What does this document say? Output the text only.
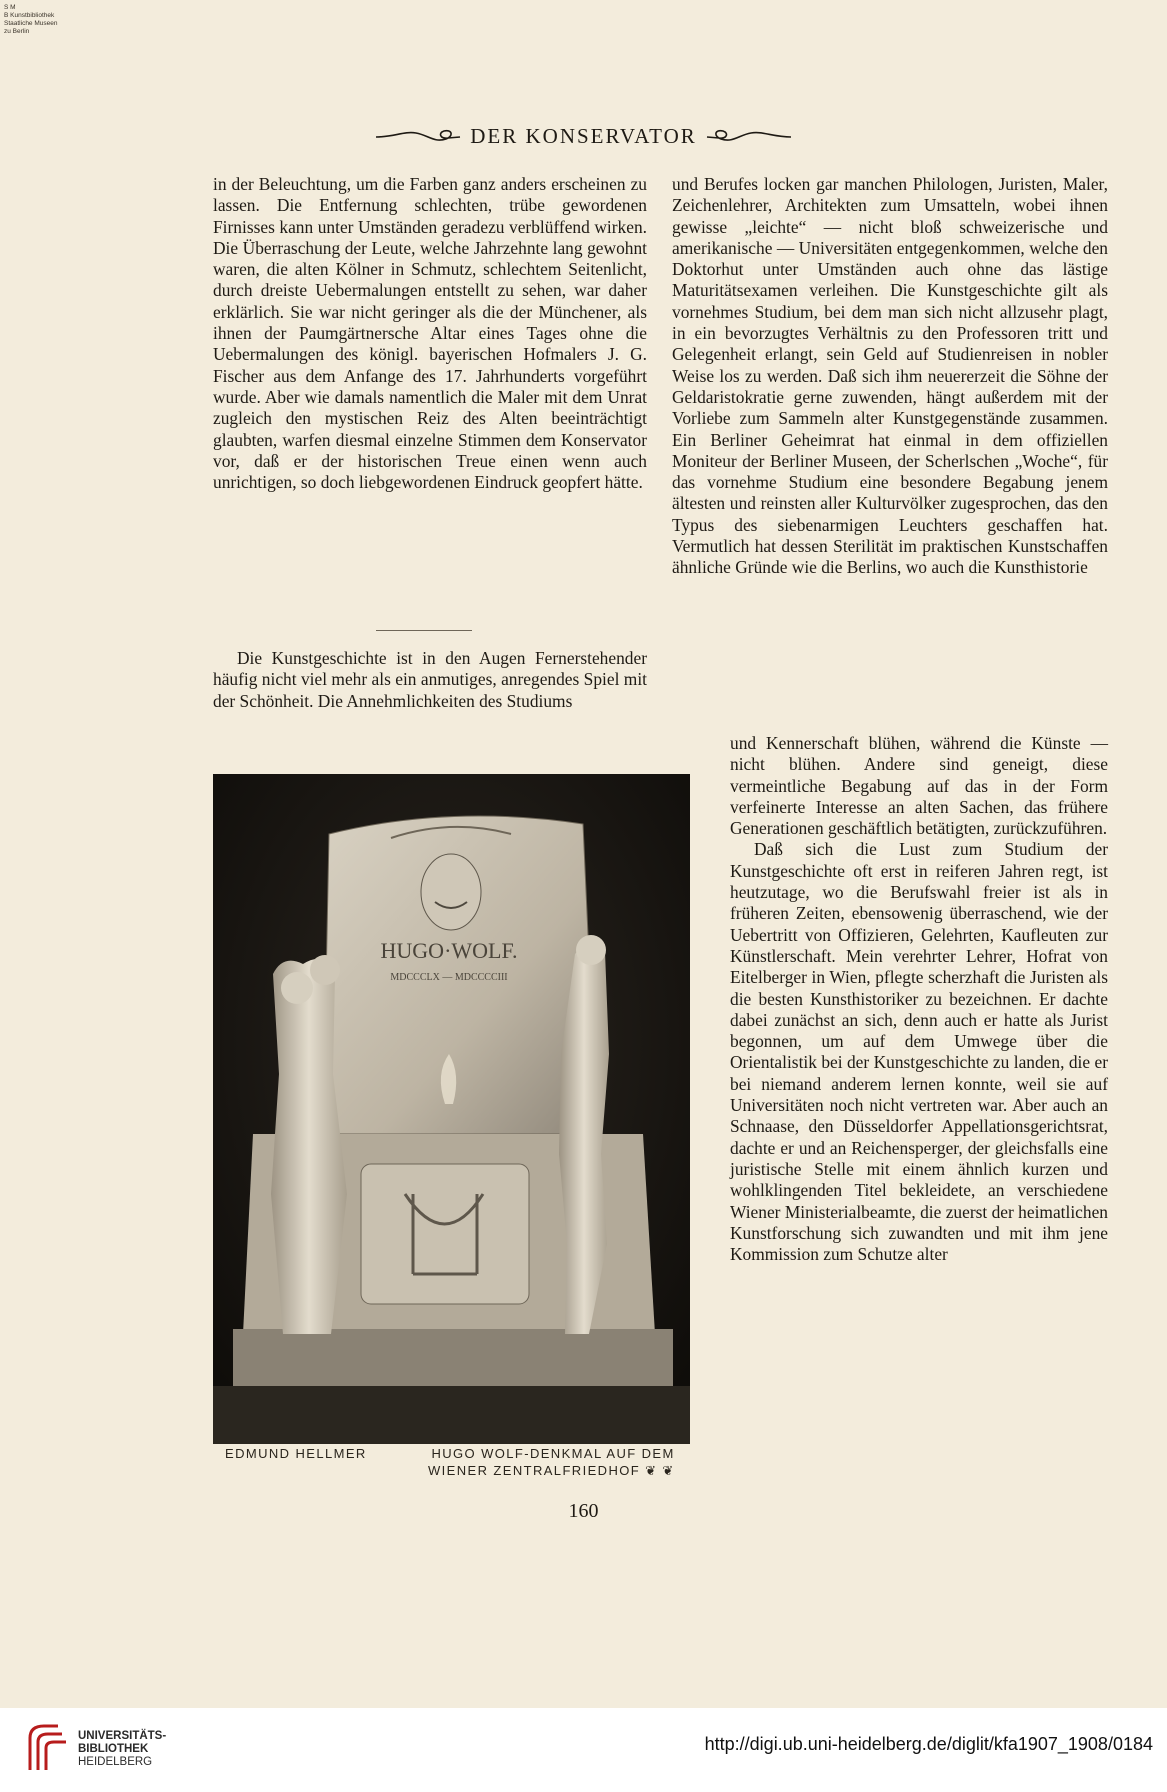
S M
B Kunstbibliothek
Staatliche Museen
zu Berlin
DER KONSERVATOR

in der Beleuchtung, um die Farben ganz anders erscheinen zu lassen. Die Entfernung schlechten, trübe gewordenen Firnisses kann unter Umständen geradezu verblüffend wirken. Die Überraschung der Leute, welche Jahrzehnte lang gewohnt waren, die alten Kölner in Schmutz, schlechtem Seitenlicht, durch dreiste Uebermalungen entstellt zu sehen, war daher erklärlich. Sie war nicht geringer als die der Münchener, als ihnen der Paumgärtnersche Altar eines Tages ohne die Uebermalungen des königl. bayerischen Hofmalers J. G. Fischer aus dem Anfange des 17. Jahrhunderts vorgeführt wurde. Aber wie damals namentlich die Maler mit dem Unrat zugleich den mystischen Reiz des Alten beeinträchtigt glaubten, warfen diesmal einzelne Stimmen dem Konservator vor, daß er der historischen Treue einen wenn auch unrichtigen, so doch liebgewordenen Eindruck geopfert hätte.

Die Kunstgeschichte ist in den Augen Fernerstehender häufig nicht viel mehr als ein anmutiges, anregendes Spiel mit der Schönheit. Die Annehmlichkeiten des Studiums

und Berufes locken gar manchen Philologen, Juristen, Maler, Zeichenlehrer, Architekten zum Umsatteln, wobei ihnen gewisse „leichte“ — nicht bloß schweizerische und amerikanische — Universitäten entgegenkommen, welche den Doktorhut unter Umständen auch ohne das lästige Maturitätsexamen verleihen. Die Kunstgeschichte gilt als vornehmes Studium, bei dem man sich nicht allzusehr plagt, in ein bevorzugtes Verhältnis zu den Professoren tritt und Gelegenheit erlangt, sein Geld auf Studienreisen in nobler Weise los zu werden. Daß sich ihm neuererzeit die Söhne der Geldaristokratie gerne zuwenden, hängt außerdem mit der Vorliebe zum Sammeln alter Kunstgegenstände zusammen. Ein Berliner Geheimrat hat einmal in dem offiziellen Moniteur der Berliner Museen, der Scherlschen „Woche“, für das vornehme Studium eine besondere Begabung jenem ältesten und reinsten aller Kulturvölker zugesprochen, das den Typus des siebenarmigen Leuchters geschaffen hat. Vermutlich hat dessen Sterilität im praktischen Kunstschaffen ähnliche Gründe wie die Berlins, wo auch die Kunsthistorie

und Kennerschaft blühen, während die Künste — nicht blühen. Andere sind geneigt, diese vermeintliche Begabung auf das in der Form verfeinerte Interesse an alten Sachen, das frühere Generationen geschäftlich betätigten, zurückzuführen.

Daß sich die Lust zum Studium der Kunstgeschichte oft erst in reiferen Jahren regt, ist heutzutage, wo die Berufswahl freier ist als in früheren Zeiten, ebensowenig überraschend, wie der Uebertritt von Offizieren, Gelehrten, Kaufleuten zur Künstlerschaft. Mein verehrter Lehrer, Hofrat von Eitelberger in Wien, pflegte scherzhaft die Juristen als die besten Kunsthistoriker zu bezeichnen. Er dachte dabei zunächst an sich, denn auch er hatte als Jurist begonnen, um auf dem Umwege über die Orientalistik bei der Kunstgeschichte zu landen, die er bei niemand anderem lernen konnte, weil sie auf Universitäten noch nicht vertreten war. Aber auch an Schnaase, den Düsseldorfer Appellationsgerichtsrat, dachte er und an Reichensperger, der gleichsfalls eine juristische Stelle mit einem ähnlich kurzen und wohlklingenden Titel bekleidete, an verschiedene Wiener Ministerialbeamte, die zuerst der heimatlichen Kunstforschung sich zuwandten und mit ihm jene Kommission zum Schutze alter

HUGO·WOLF.
MDCCCLX — MDCCCCIII
EDMUND HELLMER	HUGO WOLF-DENKMAL AUF DEM
WIENER ZENTRALFRIEDHOF ❦ ❦
160
UNIVERSITÄTS-
BIBLIOTHEK
HEIDELBERG
http://digi.ub.uni-heidelberg.de/diglit/kfa1907_1908/0184
